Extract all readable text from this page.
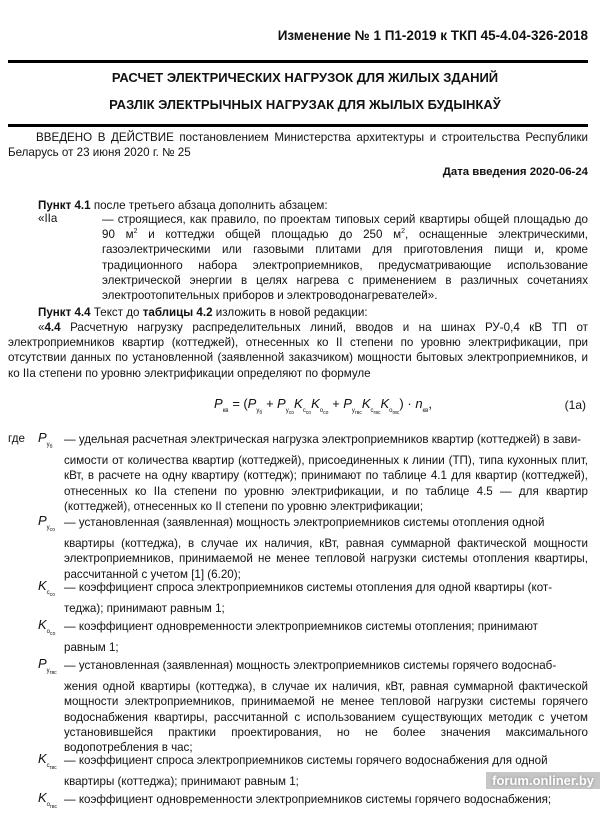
Изменение № 1 П1-2019 к ТКП 45-4.04-326-2018
РАСЧЕТ ЭЛЕКТРИЧЕСКИХ НАГРУЗОК ДЛЯ ЖИЛЫХ ЗДАНИЙ
РАЗЛІК ЭЛЕКТРЫЧНЫХ НАГРУЗАК ДЛЯ ЖЫЛЫХ БУДЫНКАЎ
ВВЕДЕНО В ДЕЙСТВИЕ постановлением Министерства архитектуры и строительства Республики Беларусь от 23 июня 2020 г. № 25
Дата введения 2020-06-24
Пункт 4.1 после третьего абзаца дополнить абзацем:
«IIa	— строящиеся, как правило, по проектам типовых серий квартиры общей площадью до 90 $м^2$ и коттеджи общей площадью до 250 $м^2$, оснащенные электрическими, газоэлектрическими или газовыми плитами для приготовления пищи и, кроме традиционного набора электроприемников, предусматривающие использование электрической энергии в целях нагрева с применением в различных сочетаниях электроотопительных приборов и электроводонагревателей».
Пункт 4.4 Текст до таблицы 4.2 изложить в новой редакции:
«4.4 Расчетную нагрузку распределительных линий, вводов и на шинах РУ-0,4 кВ ТП от электроприемников квартир (коттеджей), отнесенных ко II степени по уровню электрификации, при отсутствии данных по установленной (заявленной заказчиком) мощности бытовых электроприемников, и ко IIa степени по уровню электрификации определяют по формуле
$P_{кв} = (P_{у_б} + P_{у_{со}}K_{с_{со}}K_{о_{со}} + P_{у_{гвс}}K_{с_{гвс}}K_{о_{гвс}}) \cdot n_{кв}$,	(1а)
где $P_{у_б}$
— удельная расчетная электрическая нагрузка электроприемников квартир (коттеджей) в зави-
симости от количества квартир (коттеджей), присоединенных к линии (ТП), типа кухонных плит, кВт, в расчете на одну квартиру (коттедж); принимают по таблице 4.1 для квартир (коттеджей), отнесенных ко IIa степени по уровню электрификации, и по таблице 4.5 — для квартир (коттеджей), отнесенных ко II степени по уровню электрификации;
$P_{у_{со}}$
— установленная (заявленная) мощность электроприемников системы отопления одной
квартиры (коттеджа), в случае их наличия, кВт, равная суммарной фактической мощности электроприемников, принимаемой не менее тепловой нагрузки системы отопления квартиры, рассчитанной с учетом [1] (6.20);
$K_{с_{со}}$
— коэффициент спроса электроприемников системы отопления для одной квартиры (кот-
теджа); принимают равным 1;
$K_{о_{со}}$
— коэффициент одновременности электроприемников системы отопления; принимают
равным 1;
$P_{у_{гвс}}$
— установленная (заявленная) мощность электроприемников системы горячего водоснаб-
жения одной квартиры (коттеджа), в случае их наличия, кВт, равная суммарной фактической мощности электроприемников, принимаемой не менее тепловой нагрузки системы горячего водоснабжения квартиры, рассчитанной с использованием существующих методик с учетом установившейся практики проектирования, но не более значения максимального водопотребления в час;
$K_{с_{гвс}}$
— коэффициент спроса электроприемников системы горячего водоснабжения для одной
квартиры (коттеджа); принимают равным 1;
$K_{о_{гвс}}$
— коэффициент одновременности электроприемников системы горячего водоснабжения;
forum.onliner.by
